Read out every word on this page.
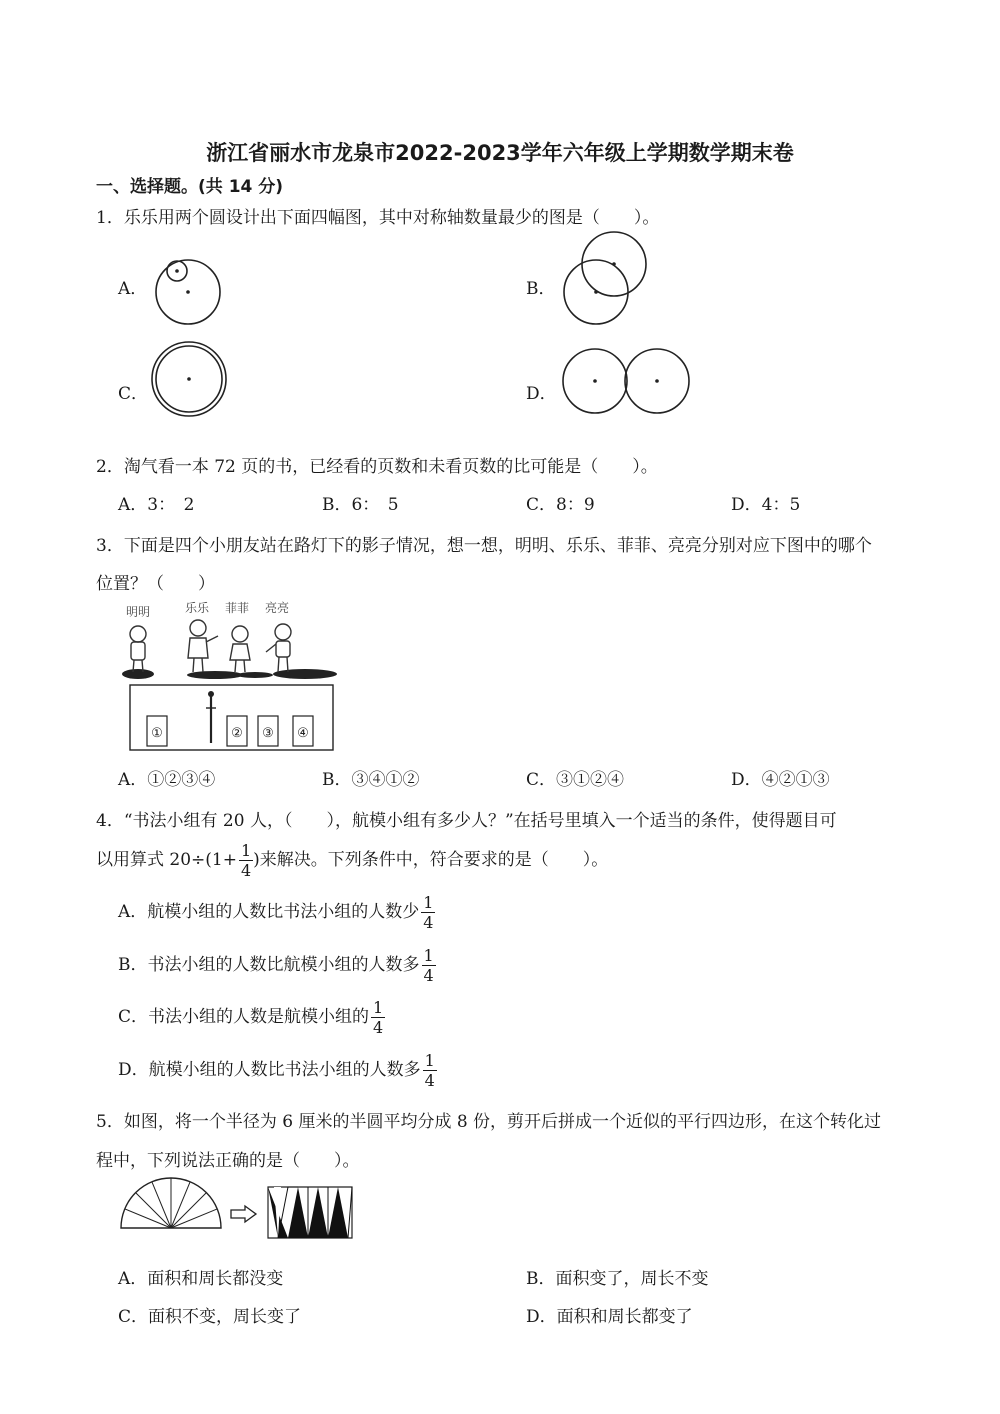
浙江省丽水市龙泉市2022-2023学年六年级上学期数学期末卷
一、选择题。(共 14 分)
1．乐乐用两个圆设计出下面四幅图，其中对称轴数量最少的图是（　　）。
A．	B．
C．	D．
2．淘气看一本 72 页的书，已经看的页数和未看页数的比可能是（　　）。
A．3：　2	B．6：　5	C．8：9	D．4：5
3．下面是四个小朋友站在路灯下的影子情况，想一想，明明、乐乐、菲菲、亮亮分别对应下图中的哪个
位置？（　　）
明明	乐乐 菲菲 亮亮
①	② ③ ④
A．①②③④	B．③④①②	C．③①②④	D．④②①③
4．“书法小组有 20 人，（　　），航模小组有多少人？”在括号里填入一个适当的条件，使得题目可
以用算式 $20\div(1+ \frac{1}{4}$ )来解决。下列条件中，符合要求的是（　　）。
A．航模小组的人数比书法小组的人数少 $\frac{1}{4}$
B．书法小组的人数比航模小组的人数多 $\frac{1}{4}$
C．书法小组的人数是航模小组的 $\frac{1}{4}$
D．航模小组的人数比书法小组的人数多 $\frac{1}{4}$
5．如图，将一个半径为 6 厘米的半圆平均分成 8 份，剪开后拼成一个近似的平行四边形，在这个转化过
程中，下列说法正确的是（　　）。
A．面积和周长都没变	B．面积变了，周长不变
C．面积不变，周长变了	D．面积和周长都变了
